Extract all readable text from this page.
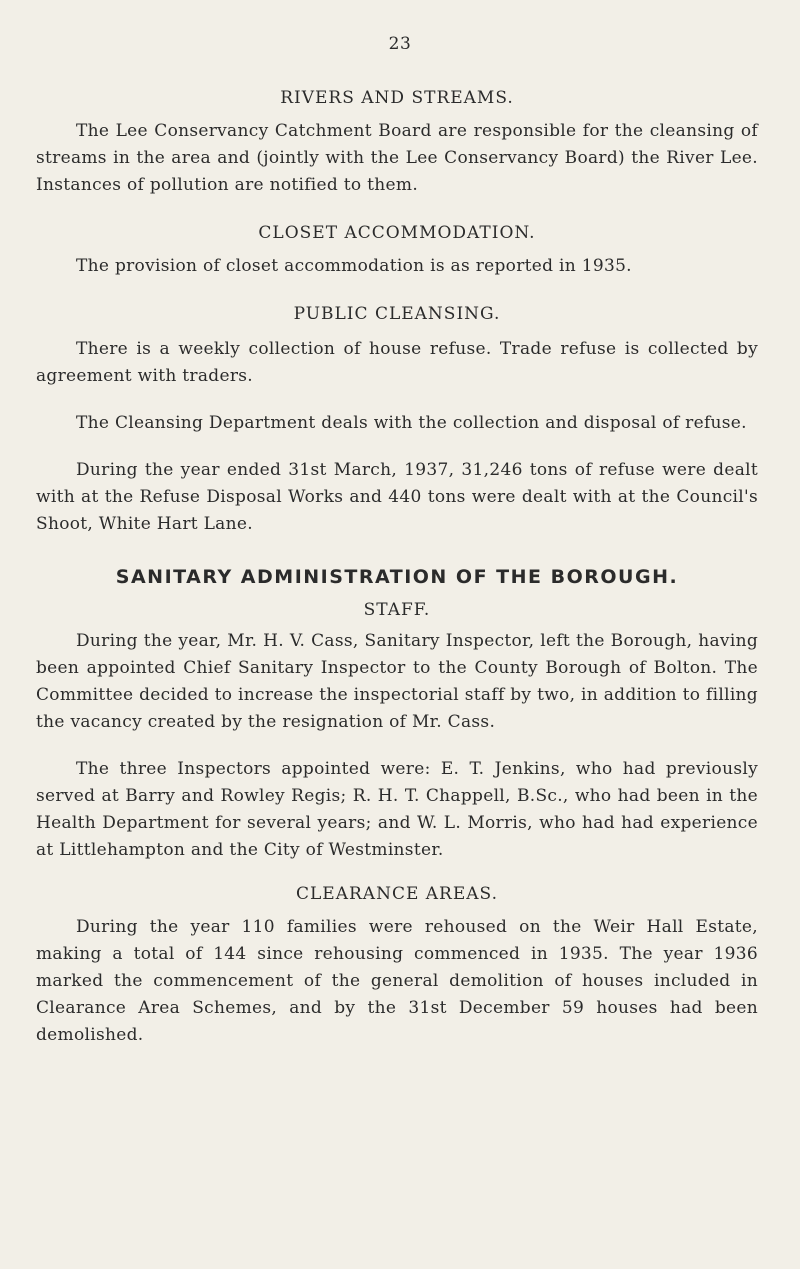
23
RIVERS AND STREAMS.

The Lee Conservancy Catchment Board are responsible for the cleansing of streams in the area and (jointly with the Lee Conservancy Board) the River Lee. Instances of pollution are notified to them.

CLOSET ACCOMMODATION.

The provision of closet accommodation is as reported in 1935.

PUBLIC CLEANSING.

There is a weekly collection of house refuse. Trade refuse is collected by agreement with traders.

The Cleansing Department deals with the collection and disposal of refuse.

During the year ended 31st March, 1937, 31,246 tons of refuse were dealt with at the Refuse Disposal Works and 440 tons were dealt with at the Council's Shoot, White Hart Lane.

SANITARY ADMINISTRATION OF THE BOROUGH.
STAFF.

During the year, Mr. H. V. Cass, Sanitary Inspector, left the Borough, having been appointed Chief Sanitary Inspector to the County Borough of Bolton. The Committee decided to increase the inspectorial staff by two, in addition to filling the vacancy created by the resignation of Mr. Cass.

The three Inspectors appointed were: E. T. Jenkins, who had previously served at Barry and Rowley Regis; R. H. T. Chappell, B.Sc., who had been in the Health Department for several years; and W. L. Morris, who had had experience at Littlehampton and the City of Westminster.

CLEARANCE AREAS.

During the year 110 families were rehoused on the Weir Hall Estate, making a total of 144 since rehousing commenced in 1935. The year 1936 marked the commencement of the general demolition of houses included in Clearance Area Schemes, and by the 31st December 59 houses had been demolished.
